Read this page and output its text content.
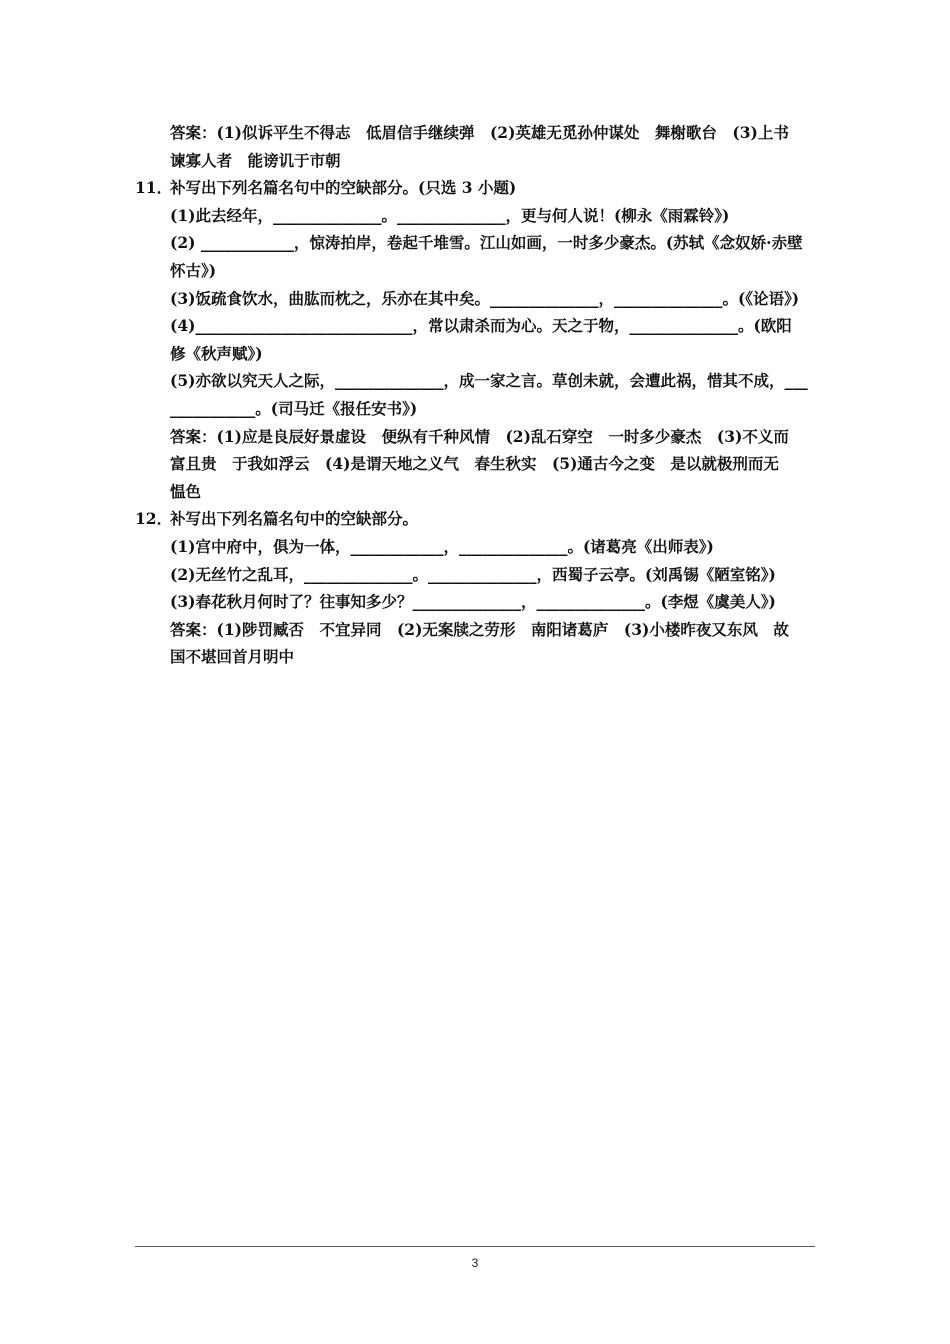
答案：(1)似诉平生不得志　低眉信手继续弹　(2)英雄无觅孙仲谋处　舞榭歌台　(3)上书
谏寡人者　能谤讥于市朝
11．补写出下列名篇名句中的空缺部分。(只选 3 小题)
(1)此去经年，______________。______________，更与何人说！(柳永《雨霖铃》)
(2) ____________，惊涛拍岸，卷起千堆雪。江山如画，一时多少豪杰。(苏轼《念奴娇·赤壁
怀古》)
(3)饭疏食饮水，曲肱而枕之，乐亦在其中矣。______________，______________。(《论语》)
(4)____________________________，常以肃杀而为心。天之于物，______________。(欧阳
修《秋声赋》)
(5)亦欲以究天人之际，______________，成一家之言。草创未就，会遭此祸，惜其不成，___
___________。(司马迁《报任安书》)
答案：(1)应是良辰好景虚设　便纵有千种风情　(2)乱石穿空　一时多少豪杰　(3)不义而
富且贵　于我如浮云　(4)是谓天地之义气　春生秋实　(5)通古今之变　是以就极刑而无
愠色
12．补写出下列名篇名句中的空缺部分。
(1)宫中府中，俱为一体，____________，______________。(诸葛亮《出师表》)
(2)无丝竹之乱耳，______________。______________，西蜀子云亭。(刘禹锡《陋室铭》)
(3)春花秋月何时了？往事知多少？______________，______________。(李煜《虞美人》)
答案：(1)陟罚臧否　不宜异同　(2)无案牍之劳形　南阳诸葛庐　(3)小楼昨夜又东风　故
国不堪回首月明中
3
